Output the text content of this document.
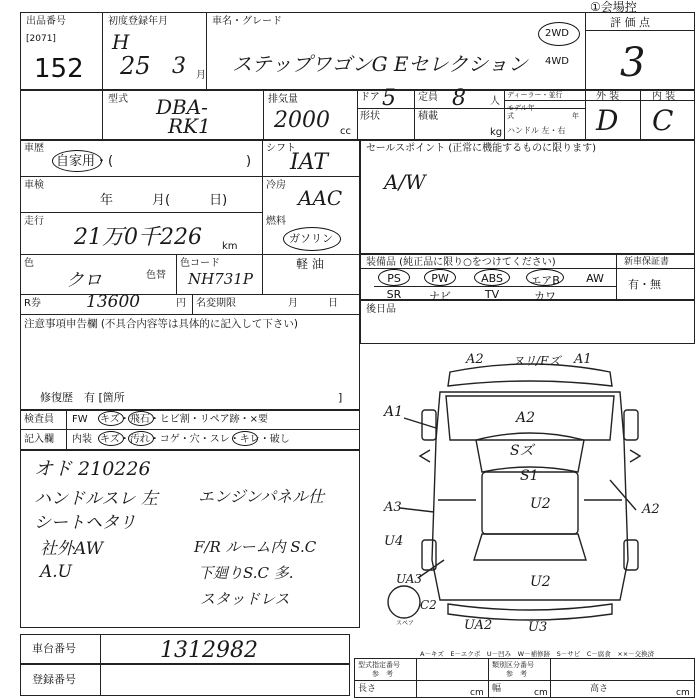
①会場控
出品番号
[2071]
152
初度登録年月
H
25 3 月
車名・グレード
ステップワゴンG Eセレクション
2WD
4WD
評 価 点
3
外 装	内 装
D C
型式 DBA-
RK1
排気量
2000 cc
ドア 5 定員 8 人
形状	積載
kg
ディーラー・並行
モデル年式	年
ハンドル 左・右
車歴
自家用・(	)
車検
年　　　月(　　　日)
走行
21万0千226 km
シフト
IAT
冷房
AAC
燃料
ガソリン
軽 油
色
クロ	色替
色コード
NH731P
R券	13600	円 名変期限	月　　　日
注意事項申告欄 (不具合内容等は具体的に記入して下さい)
修復歴　有 [箇所	]
セールスポイント (正常に機能するものに限ります)
A/W
装備品 (純正品に限り○をつけてください)	新車保証書
有・無
PS	PW	ABS	エアB	AW
SR	ナビ	TV	カワ
後日品
検査員
記入欄
FW キズ・飛石・ヒビ割・リペア跡・×要
内装 キズ・汚れ・コゲ・穴・スレ・キレ・破し
オド 210226
ハンドルスレ 左
シートヘタリ
社外AW
A.U
エンジンパネル仕
F/R ルーム内 S.C
下廻りS.C 多.
スタッドレス
A2 ヌリ/Fズ A1
A1	A2
Sズ
S1
A3	U2
U4
A2
U2
UA3
C2
UA2	U3
スペア
A－キズ　E－エクボ　U－凹み　W－補修跡　S－サビ　C－腐食　××－交換済
車台番号	1312982
登録番号
型式指定番号	類別区分番号
参　考	参　考
長さ	cm 幅	cm	高さ	cm
